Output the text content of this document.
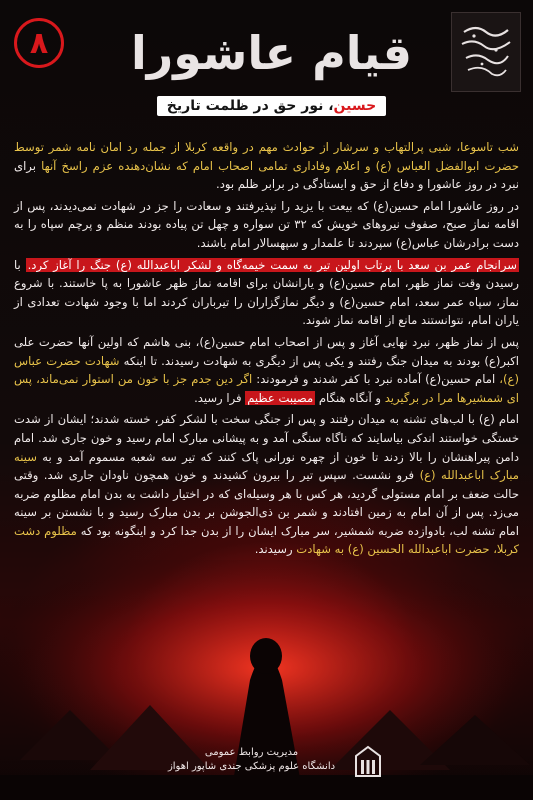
۸	قیام عاشورا
حسین، نور حق در ظلمت تاریخ

شب تاسوعا، شبی پرالتهاب و سرشار از حوادث مهم در واقعه کربلا از جمله رد امان نامه شمر توسط حضرت ابوالفضل العباس (ع) و اعلام وفاداری تمامی اصحاب امام که نشان‌دهنده عزم راسخ آنها برای نبرد در روز عاشورا و دفاع از حق و ایستادگی در برابر ظلم بود.

در روز عاشورا امام حسین(ع) که بیعت با یزید را نپذیرفتند و سعادت را جز در شهادت نمی‌دیدند، پس از اقامه نماز صبح، صفوف نیروهای خویش که ۳۲ تن سواره و چهل تن پیاده بودند منظم و پرچم سپاه را به دست برادرشان عباس(ع) سپردند تا علمدار و سپهسالار امام باشند.

سرانجام عمر بن سعد با پرتاب اولین تیر به سمت خیمه‌گاه و لشکر اباعبدالله (ع) جنگ را آغاز کرد. با رسیدن وقت نماز ظهر، امام حسین(ع) و یارانشان برای اقامه نماز ظهر عاشورا به پا خاستند. با شروع نماز، سپاه عمر سعد، امام حسین(ع) و دیگر نمازگزاران را تیرباران کردند اما با وجود شهادت تعدادی از یاران امام، نتوانستند مانع از اقامه نماز شوند.

پس از نماز ظهر، نبرد نهایی آغاز و پس از اصحاب امام حسین(ع)، بنی هاشم که اولین آنها حضرت علی اکبر(ع) بودند به میدان جنگ رفتند و یکی پس از دیگری به شهادت رسیدند. تا اینکه شهادت حضرت عباس (ع)، امام حسین(ع) آماده نبرد با کفر شدند و فرمودند: اگر دین جدم جز با خون من استوار نمی‌ماند، پس ای شمشیرها مرا در برگیرید و آنگاه هنگام مصیبت عظیم فرا رسید.

امام (ع) با لب‌های تشنه به میدان رفتند و پس از جنگی سخت با لشکر کفر، خسته شدند؛ ایشان از شدت خستگی خواستند اندکی بیاسایند که ناگاه سنگی آمد و به پیشانی مبارک امام رسید و خون جاری شد. امام دامن پیراهنشان را بالا زدند تا خون از چهره نورانی پاک کنند که تیر سه شعبه مسموم آمد و به سینه مبارک اباعبدالله (ع) فرو نشست. سپس تیر را بیرون کشیدند و خون همچون ناودان جاری شد. وقتی حالت ضعف بر امام مستولی گردید، هر کس با هر وسیله‌ای که در اختیار داشت به بدن امام مظلوم ضربه می‌زد. پس از آن امام به زمین افتادند و شمر بن ذی‌الجوشن بر بدن مبارک رسید و با نشستن بر سینه امام تشنه لب، بادوازده ضربه شمشیر، سر مبارک ایشان را از بدن جدا کرد و اینگونه بود که مظلوم دشت کربلا، حضرت اباعبدالله الحسین (ع) به شهادت رسیدند.

مدیریت روابط عمومی
دانشگاه علوم پزشکی جندی شاپور اهواز
